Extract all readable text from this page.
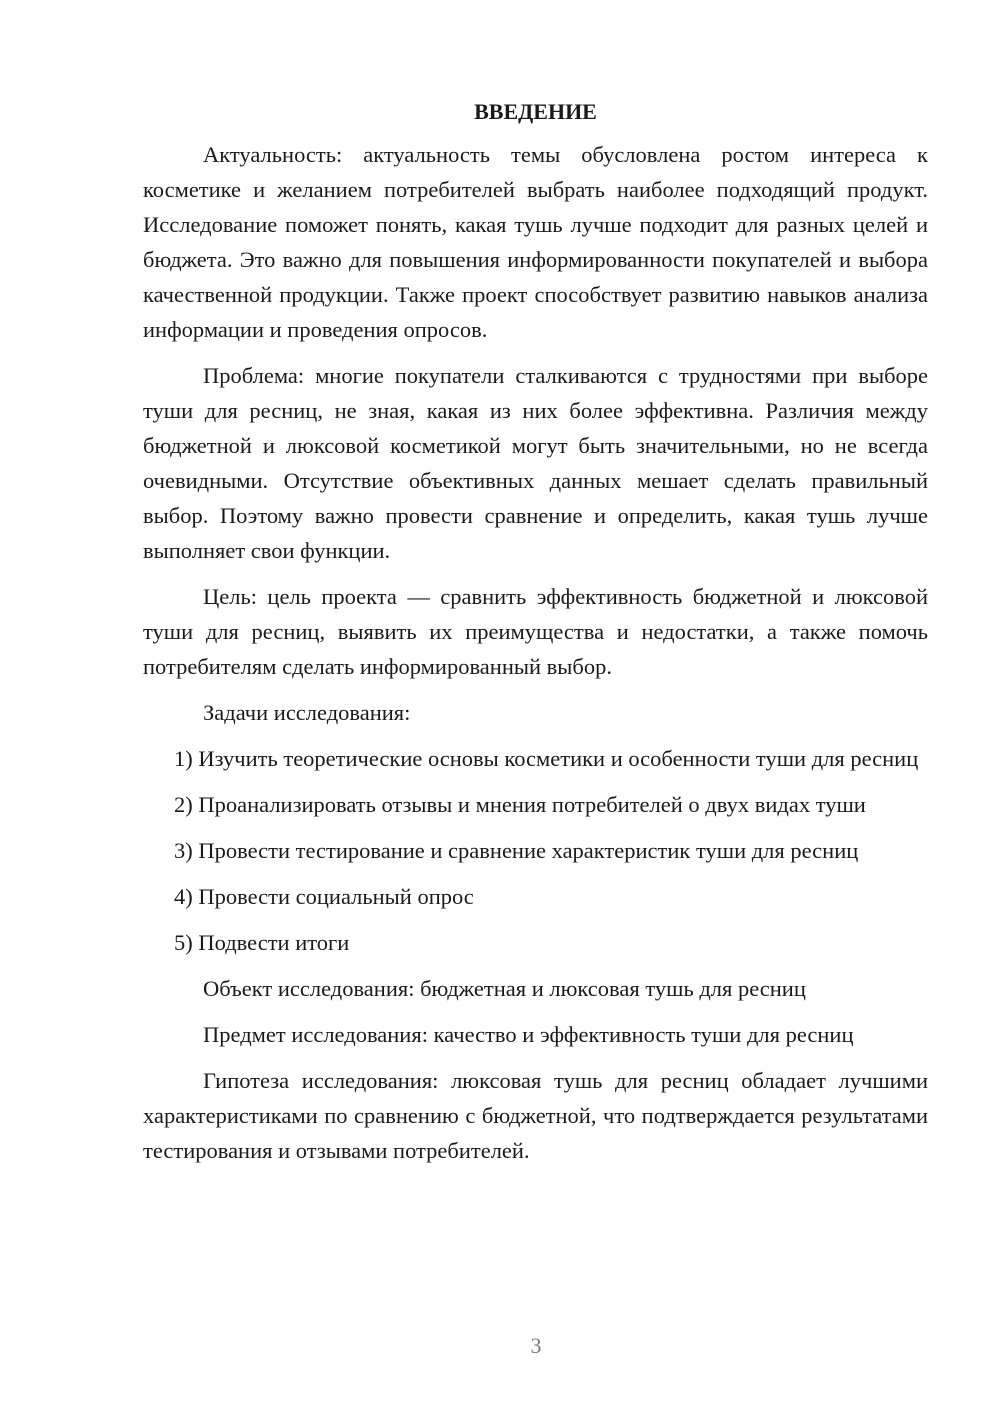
ВВЕДЕНИЕ

Актуальность: актуальность темы обусловлена ростом интереса к косметике и желанием потребителей выбрать наиболее подходящий продукт. Исследование поможет понять, какая тушь лучше подходит для разных целей и бюджета. Это важно для повышения информированности покупателей и выбора качественной продукции. Также проект способствует развитию навыков анализа информации и проведения опросов.

Проблема: многие покупатели сталкиваются с трудностями при выборе туши для ресниц, не зная, какая из них более эффективна. Различия между бюджетной и люксовой косметикой могут быть значительными, но не всегда очевидными. Отсутствие объективных данных мешает сделать правильный выбор. Поэтому важно провести сравнение и определить, какая тушь лучше выполняет свои функции.

Цель: цель проекта — сравнить эффективность бюджетной и люксовой туши для ресниц, выявить их преимущества и недостатки, а также помочь потребителям сделать информированный выбор.

Задачи исследования:

1) Изучить теоретические основы косметики и особенности туши для ресниц

2) Проанализировать отзывы и мнения потребителей о двух видах туши

3) Провести тестирование и сравнение характеристик туши для ресниц

4) Провести социальный опрос

5) Подвести итоги

Объект исследования: бюджетная и люксовая тушь для ресниц

Предмет исследования: качество и эффективность туши для ресниц

Гипотеза исследования: люксовая тушь для ресниц обладает лучшими характеристиками по сравнению с бюджетной, что подтверждается результатами тестирования и отзывами потребителей.

3
